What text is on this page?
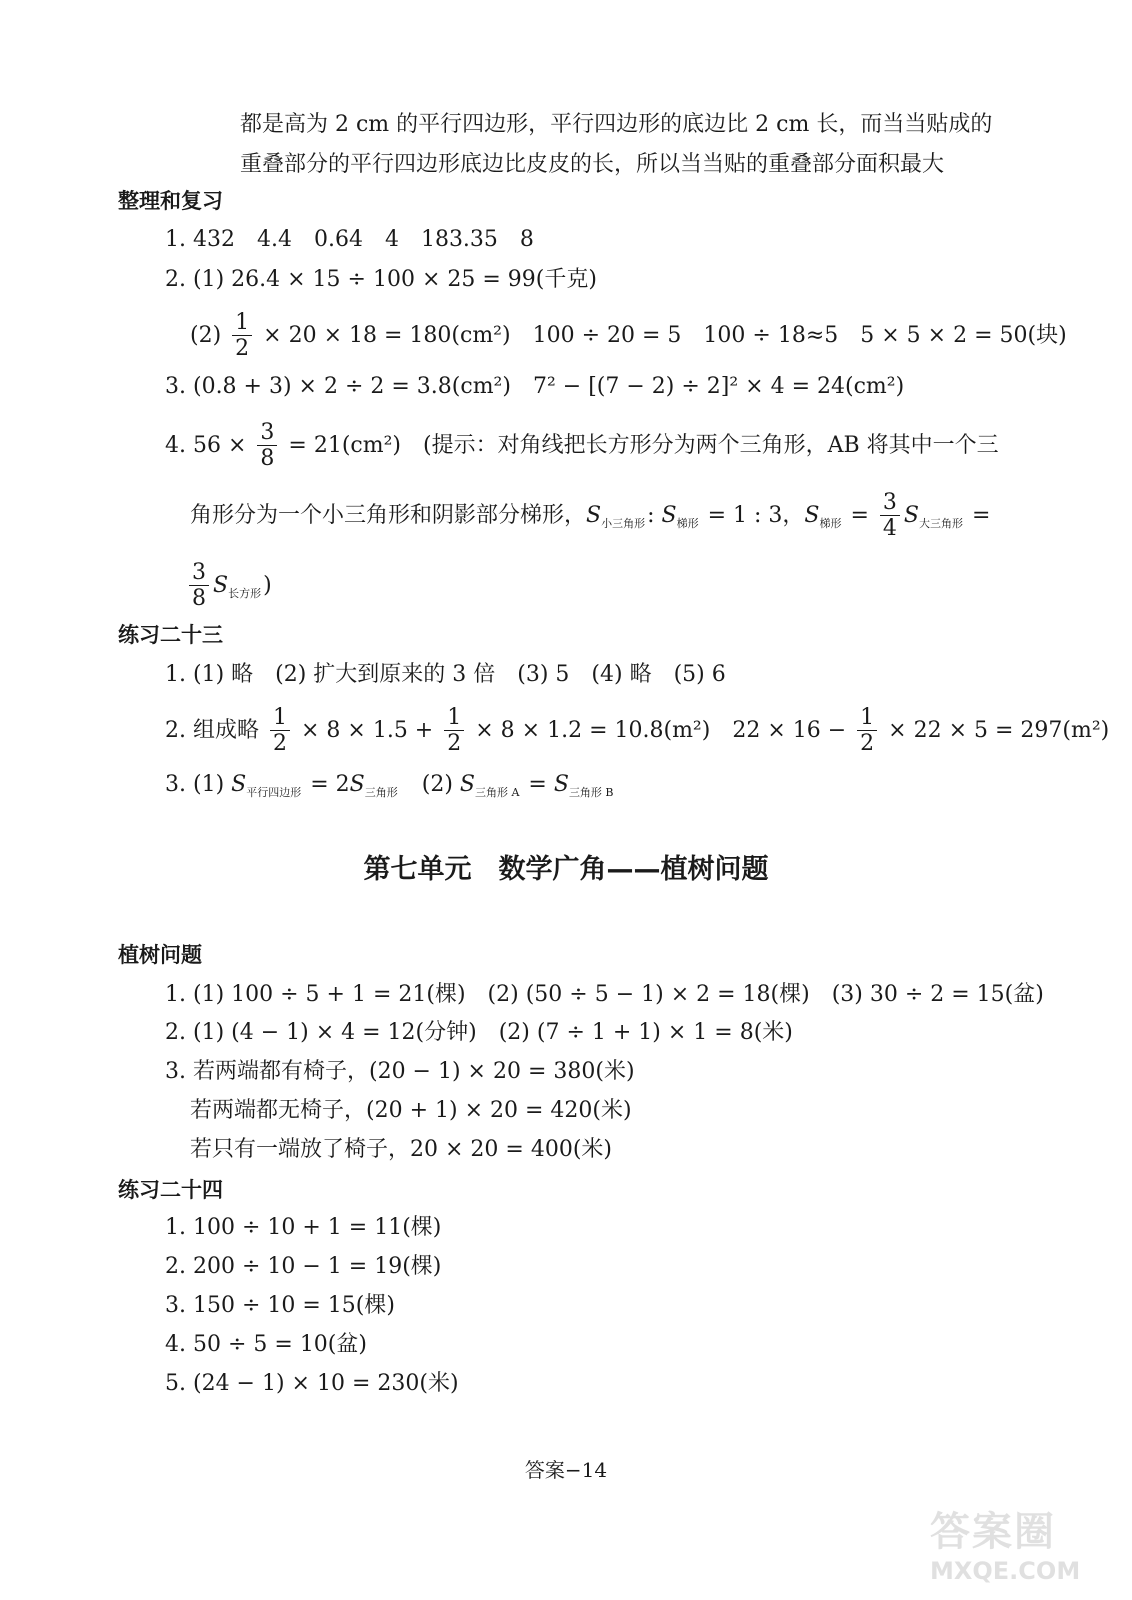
都是高为 2 cm 的平行四边形，平行四边形的底边比 2 cm 长，而当当贴成的
重叠部分的平行四边形底边比皮皮的长，所以当当贴的重叠部分面积最大
整理和复习
1. 432　4.4　0.64　4　183.35　8
2. (1) 26.4 × 15 ÷ 100 × 25 = 99(千克)
$(2) \frac{1}{2} \times 20 \times 18 = 180(cm^2)$　100 ÷ 20 = 5　100 ÷ 18≈5　5 × 5 × 2 = 50(块)
3. (0.8 + 3) × 2 ÷ 2 = 3.8(cm²)　7² − [(7 − 2) ÷ 2]² × 4 = 24(cm²)
4. $56 \times \frac{3}{8} = 21(cm^2)$　(提示：对角线把长方形分为两个三角形，AB 将其中一个三
角形分为一个小三角形和阴影部分梯形，$S_{小三角形}$: $S_{梯形} = 1$ : 3，$S_{梯形} = \frac{3}{4} S_{大三角形}$ =
$\frac{3}{8} S_{长方形}$)
练习二十三
1. (1) 略　(2) 扩大到原来的 3 倍　(3) 5　(4) 略　(5) 6
2. 组成略 $\frac{1}{2} \times 8 \times 1.5 + \frac{1}{2} \times 8 \times 1.2 = 10.8(m^2)$　$22 \times 16 - \frac{1}{2} \times 22 \times 5 = 297(m^2)$
3. (1) $S_{平行四边形} = 2S_{三角形}$　(2) $S_{三角形 A} = S_{三角形 B}$
第七单元　数学广角——植树问题
植树问题
1. (1) 100 ÷ 5 + 1 = 21(棵)　(2) (50 ÷ 5 − 1) × 2 = 18(棵)　(3) 30 ÷ 2 = 15(盆)
2. (1) (4 − 1) × 4 = 12(分钟)　(2) (7 ÷ 1 + 1) × 1 = 8(米)
3. 若两端都有椅子，(20 − 1) × 20 = 380(米)
若两端都无椅子，(20 + 1) × 20 = 420(米)
若只有一端放了椅子，20 × 20 = 400(米)
练习二十四
1. 100 ÷ 10 + 1 = 11(棵)
2. 200 ÷ 10 − 1 = 19(棵)
3. 150 ÷ 10 = 15(棵)
4. 50 ÷ 5 = 10(盆)
5. (24 − 1) × 10 = 230(米)
答案−14
答案圈
MXQE.COM
